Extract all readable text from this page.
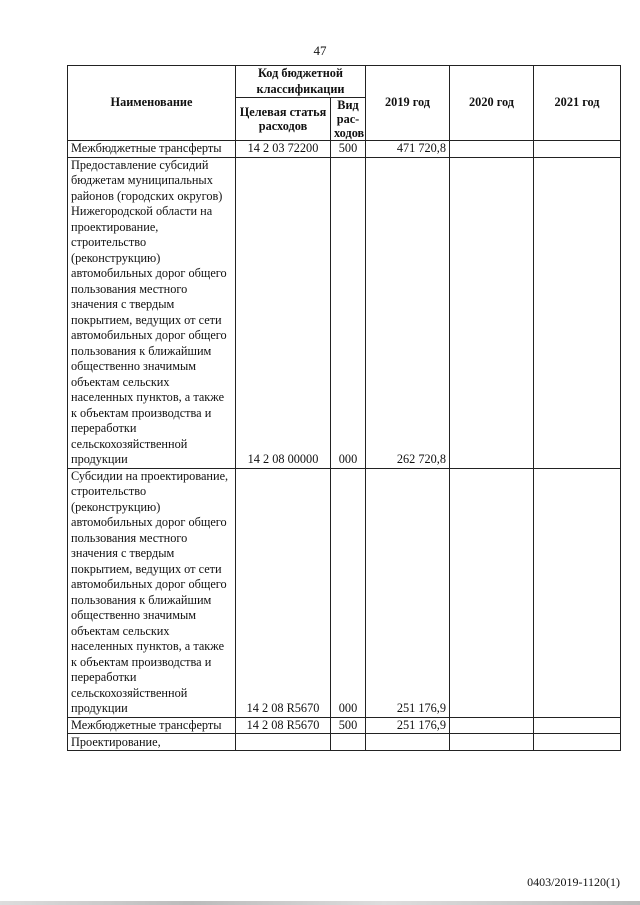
47
Наименование	Код бюджетной классификации		2019 год	2020 год	2021 год
	Целевая статья расходов	Вид рас-ходов			
Межбюджетные трансферты	14 2 03 72200	500	471 720,8		
Предоставление субсидий бюджетам муниципальных районов (городских округов) Нижегородской области на проектирование, строительство (реконструкцию) автомобильных дорог общего пользования местного значения с твердым покрытием, ведущих от сети автомобильных дорог общего пользования к ближайшим общественно значимым объектам сельских населенных пунктов, а также к объектам производства и переработки сельскохозяйственной продукции	14 2 08 00000	000	262 720,8		
Субсидии на проектирование, строительство (реконструкцию) автомобильных дорог общего пользования местного значения с твердым покрытием, ведущих от сети автомобильных дорог общего пользования к ближайшим общественно значимым объектам сельских населенных пунктов, а также к объектам производства и переработки сельскохозяйственной продукции	14 2 08 R5670	000	251 176,9		
Межбюджетные трансферты	14 2 08 R5670	500	251 176,9		
Проектирование,					
0403/2019-1120(1)
